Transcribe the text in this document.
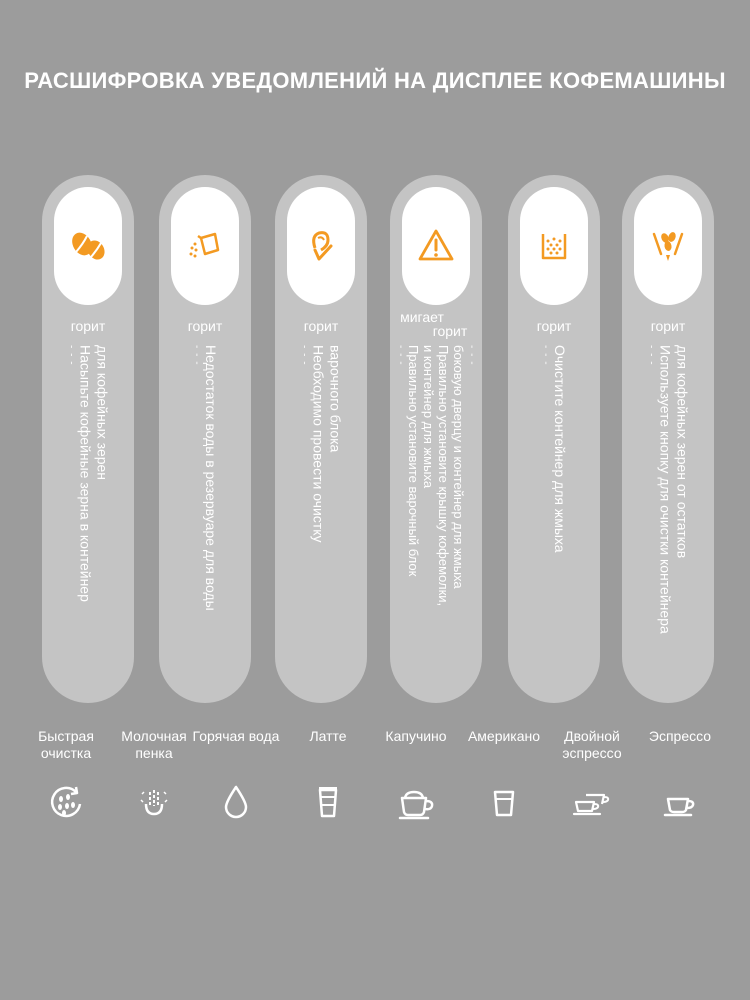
РАСШИФРОВКА УВЕДОМЛЕНИЙ НА ДИСПЛЕЕ КОФЕМАШИНЫ
горит
- - - Насыпьте кофейные зерна в контейнер для кофейных зерен
горит
- - - Недостаток воды в резервуаре для воды
горит
- - - Необходимо провести очистку варочного блока
мигает
горит
- - - Правильно установите варочный блок и контейнер для жмыха Правильно установите крышку кофемолки, боковую дверцу и контейнер для жмыха - - -
горит
- - - Очистите контейнер для жмыха
горит
- - - Используете кнопку для очистки контейнера для кофейных зерен от остатков
Быстрая очистка
Молочная пенка
Горячая вода	Латте	Капучино	Американо	Двойной эспрессо
Эспрессо
